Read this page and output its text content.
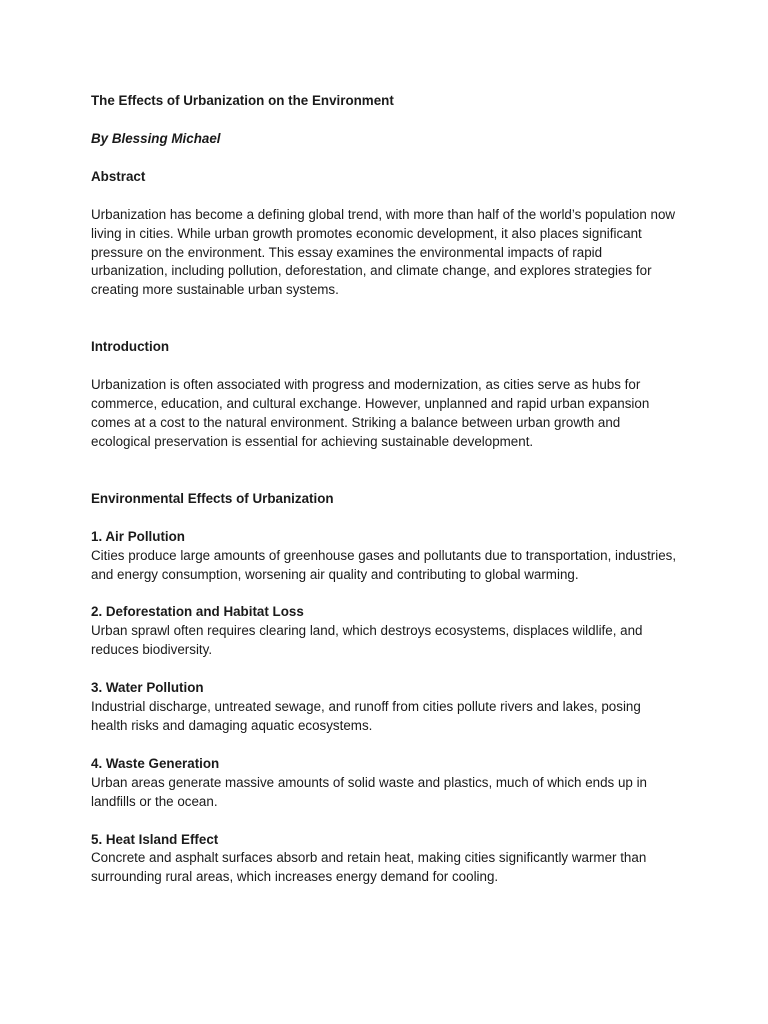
The Effects of Urbanization on the Environment

By Blessing Michael

Abstract

Urbanization has become a defining global trend, with more than half of the world’s population now living in cities. While urban growth promotes economic development, it also places significant pressure on the environment. This essay examines the environmental impacts of rapid urbanization, including pollution, deforestation, and climate change, and explores strategies for creating more sustainable urban systems.

Introduction

Urbanization is often associated with progress and modernization, as cities serve as hubs for commerce, education, and cultural exchange. However, unplanned and rapid urban expansion comes at a cost to the natural environment. Striking a balance between urban growth and ecological preservation is essential for achieving sustainable development.

Environmental Effects of Urbanization

1. Air Pollution

Cities produce large amounts of greenhouse gases and pollutants due to transportation, industries, and energy consumption, worsening air quality and contributing to global warming.

2. Deforestation and Habitat Loss

Urban sprawl often requires clearing land, which destroys ecosystems, displaces wildlife, and reduces biodiversity.

3. Water Pollution

Industrial discharge, untreated sewage, and runoff from cities pollute rivers and lakes, posing health risks and damaging aquatic ecosystems.

4. Waste Generation

Urban areas generate massive amounts of solid waste and plastics, much of which ends up in landfills or the ocean.

5. Heat Island Effect

Concrete and asphalt surfaces absorb and retain heat, making cities significantly warmer than surrounding rural areas, which increases energy demand for cooling.
